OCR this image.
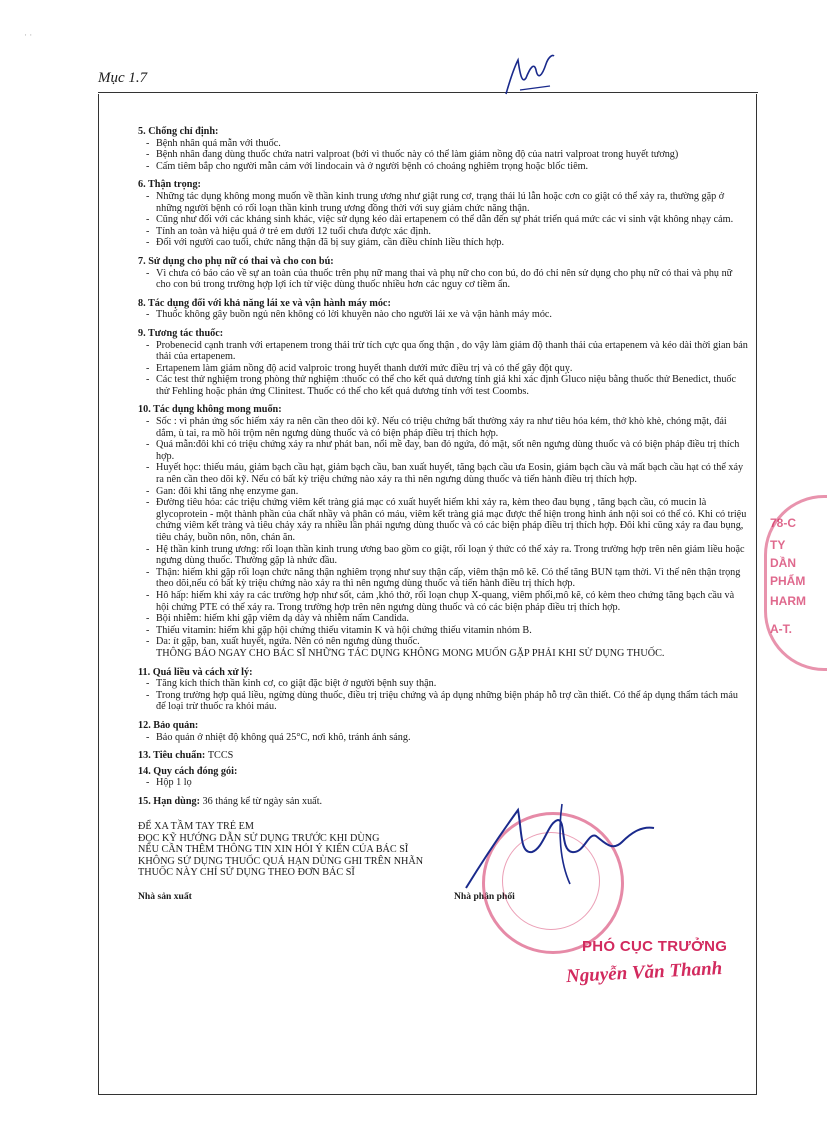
· ·
Mục 1.7
5. Chống chỉ định:
- Bệnh nhân quá mẫn với thuốc.
- Bệnh nhân đang dùng thuốc chứa natri valproat (bởi vì thuốc này có thể làm giảm nồng độ của natri valproat trong huyết tương)
- Cấm tiêm bắp cho người mẫn cảm với lindocain và ở người bệnh có choáng nghiêm trọng hoặc blốc tiêm.
6. Thận trọng:
- Những tác dụng không mong muốn về thần kinh trung ương như giật rung cơ, trạng thái lú lẫn hoặc cơn co giật có thể xảy ra, thường gặp ở những người bệnh có rối loạn thần kinh trung ương đồng thời với suy giảm chức năng thận.
- Cũng như đối với các kháng sinh khác, việc sử dụng kéo dài ertapenem có thể dẫn đến sự phát triển quá mức các vi sinh vật không nhạy cảm.
- Tính an toàn và hiệu quả ở trẻ em dưới 12 tuổi chưa được xác định.
- Đối với người cao tuổi, chức năng thận đã bị suy giảm, cần điều chỉnh liều thích hợp.
7. Sử dụng cho phụ nữ có thai và cho con bú:
- Vì chưa có báo cáo về sự an toàn của thuốc trên phụ nữ mang thai và phụ nữ cho con bú, do đó chỉ nên sử dụng cho phụ nữ có thai và phụ nữ cho con bú trong trường hợp lợi ích từ việc dùng thuốc nhiều hơn các nguy cơ tiềm ẩn.
8. Tác dụng đối với khả năng lái xe và vận hành máy móc:
- Thuốc không gây buồn ngủ nên không có lời khuyên nào cho người lái xe và vận hành máy móc.
9. Tương tác thuốc:
- Probenecid cạnh tranh với ertapenem trong thải trừ tích cực qua ống thận , do vậy làm giảm độ thanh thải của ertapenem và kéo dài thời gian bán thải của ertapenem.
- Ertapenem làm giảm nồng độ acid valproic trong huyết thanh dưới mức điều trị và có thể gây đột quỵ.
- Các test thử nghiệm trong phòng thử nghiệm :thuốc có thể cho kết quả dương tính giả khi xác định Gluco niệu bằng thuốc thử Benedict, thuốc thử Fehling hoặc phản ứng Clinitest. Thuốc có thể cho kết quả dương tính với test Coombs.
10. Tác dụng không mong muốn:
- Sốc : vì phản ứng sốc hiếm xảy ra nên cần theo dõi kỹ. Nếu có triệu chứng bất thường xảy ra như tiêu hóa kém, thở khò khè, chóng mặt, đái dắm, ù tai, ra mồ hôi trộm nên ngưng dùng thuốc và có biện pháp điều trị thích hợp.
- Quá mẫn:đôi khi có triệu chứng xảy ra như phát ban, nổi mề đay, ban đỏ ngứa, đỏ mặt, sốt nên ngưng dùng thuốc và có biện pháp điều trị thích hợp.
- Huyết học: thiếu máu, giảm bạch cầu hạt, giảm bạch cầu, ban xuất huyết, tăng bạch cầu ưa Eosin, giảm bạch cầu và mất bạch cầu hạt có thể xảy ra nên cần theo dõi kỹ. Nếu có bất kỳ triệu chứng nào xảy ra thì nên ngưng dùng thuốc và tiến hành điều trị thích hợp.
- Gan: đôi khi tăng nhẹ enzyme gan.
- Đường tiêu hóa: các triệu chứng viêm kết tràng giả mạc có xuất huyết hiếm khi xảy ra, kèm theo đau bụng , tăng bạch cầu, có mucin là glycoprotein - một thành phần của chất nhầy và phân có máu, viêm kết tràng giả mạc được thể hiện trong hình ảnh nội soi có thể có. Khi có triệu chứng viêm kết tràng và tiêu chảy xảy ra nhiều lần phải ngưng dùng thuốc và có các biện pháp điều trị thích hợp. Đôi khi cũng xảy ra đau bụng, tiêu chảy, buồn nôn, nôn, chán ăn.
- Hệ thần kinh trung ương: rối loạn thần kinh trung ương bao gồm co giật, rối loạn ý thức có thể xảy ra. Trong trường hợp trên nên giảm liều hoặc ngưng dùng thuốc. Thường gặp là nhức đầu.
- Thận: hiếm khi gặp rối loạn chức năng thận nghiêm trọng như suy thận cấp, viêm thận mô kẽ. Có thể tăng BUN tạm thời. Vì thế nên thận trọng theo dõi,nếu có bất kỳ triệu chứng nào xảy ra thì nên ngưng dùng thuốc và tiến hành điều trị thích hợp.
- Hô hấp: hiếm khi xảy ra các trường hợp như sốt, cảm ,khó thở, rối loạn chụp X-quang, viêm phổi,mô kẽ, có kèm theo chứng tăng bạch cầu và hội chứng PTE có thể xảy ra. Trong trường hợp trên nên ngưng dùng thuốc và có các biện pháp điều trị thích hợp.
- Bội nhiễm: hiếm khi gặp viêm dạ dày và nhiễm nấm Candida.
- Thiếu vitamin: hiếm khi gặp hội chứng thiếu vitamin K và hội chứng thiếu vitamin nhóm B.
- Da: ít gặp, ban, xuất huyết, ngứa. Nên có nên ngưng dùng thuốc.
THÔNG BÁO NGAY CHO BÁC SĨ NHỮNG TÁC DỤNG KHÔNG MONG MUỐN GẶP PHẢI KHI SỬ DỤNG THUỐC.
11. Quá liều và cách xử lý:
- Tăng kích thích thần kinh cơ, co giật đặc biệt ở người bệnh suy thận.
- Trong trường hợp quá liều, ngừng dùng thuốc, điều trị triệu chứng và áp dụng những biện pháp hỗ trợ cần thiết. Có thể áp dụng thẩm tách máu để loại trừ thuốc ra khỏi máu.
12. Bảo quản:
- Bảo quản ở nhiệt độ không quá 25°C, nơi khô, tránh ánh sáng.
13. Tiêu chuẩn: TCCS
14. Quy cách đóng gói:
- Hộp 1 lọ
15. Hạn dùng: 36 tháng kể từ ngày sản xuất.
ĐỂ XA TẦM TAY TRẺ EM
ĐỌC KỸ HƯỚNG DẪN SỬ DỤNG TRƯỚC KHI DÙNG
NẾU CẦN THÊM THÔNG TIN XIN HỎI Ý KIẾN CỦA BÁC SĨ
KHÔNG SỬ DỤNG THUỐC QUÁ HẠN DÙNG GHI TRÊN NHÃN
THUỐC NÀY CHỈ SỬ DỤNG THEO ĐƠN BÁC SĨ
Nhà sản xuất	Nhà phân phối
78-C
TY
DẦN
PHẨM
HARM
A-T.
PHÓ CỤC TRƯỞNG
Nguyễn Văn Thanh
